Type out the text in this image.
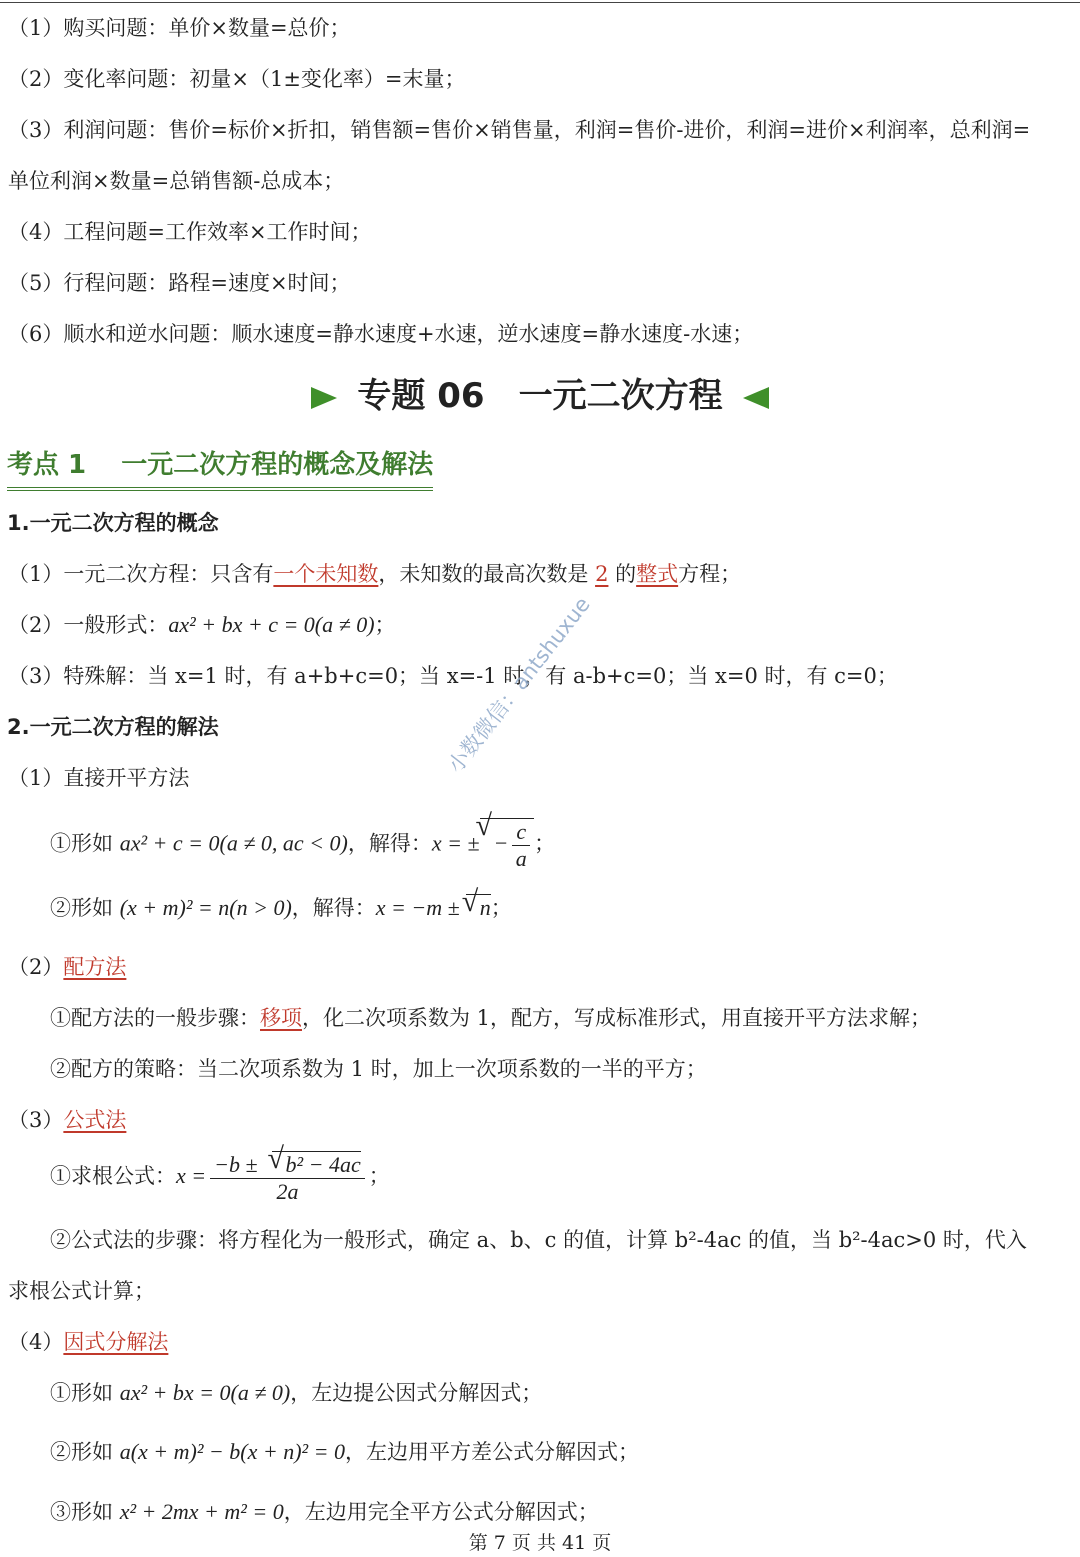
（1）购买问题：单价×数量=总价；
（2）变化率问题：初量×（1±变化率）=末量；
（3）利润问题：售价=标价×折扣，销售额=售价×销售量，利润=售价-进价，利润=进价×利润率，总利润=
单位利润×数量=总销售额-总成本；
（4）工程问题=工作效率×工作时间；
（5）行程问题：路程=速度×时间；
（6）顺水和逆水问题：顺水速度=静水速度+水速，逆水速度=静水速度-水速；
专题 06　一元二次方程
考点 1　 一元二次方程的概念及解法
1.一元二次方程的概念
（1）一元二次方程：只含有一个未知数，未知数的最高次数是 2 的整式方程；
（2）一般形式：ax² + bx + c = 0(a ≠ 0)；
（3）特殊解：当 x=1 时，有 a+b+c=0；当 x=-1 时，有 a-b+c=0；当 x=0 时，有 c=0；
2.一元二次方程的解法
（1）直接开平方法
①形如 ax² + c = 0(a ≠ 0, ac < 0)，解得：x = ± √ − $\frac{c}{a}$ ；
②形如 (x + m)² = n(n > 0)，解得：x = −m ± √ n；
（2）配方法
①配方法的一般步骤：移项，化二次项系数为 1，配方，写成标准形式，用直接开平方法求解；
②配方的策略：当二次项系数为 1 时，加上一次项系数的一半的平方；
（3）公式法
①求根公式：$x = \frac{\text{−b ± √ b² − 4ac}}{2a}$ ；
②公式法的步骤：将方程化为一般形式，确定 a、b、c 的值，计算 b²-4ac 的值，当 b²-4ac>0 时，代入
求根公式计算；
（4）因式分解法
①形如 ax² + bx = 0(a ≠ 0)，左边提公因式分解因式；
②形如 a(x + m)² − b(x + n)² = 0，左边用平方差公式分解因式；
③形如 x² + 2mx + m² = 0，左边用完全平方公式分解因式；
小数微信：antshuxue
第 7 页 共 41 页
